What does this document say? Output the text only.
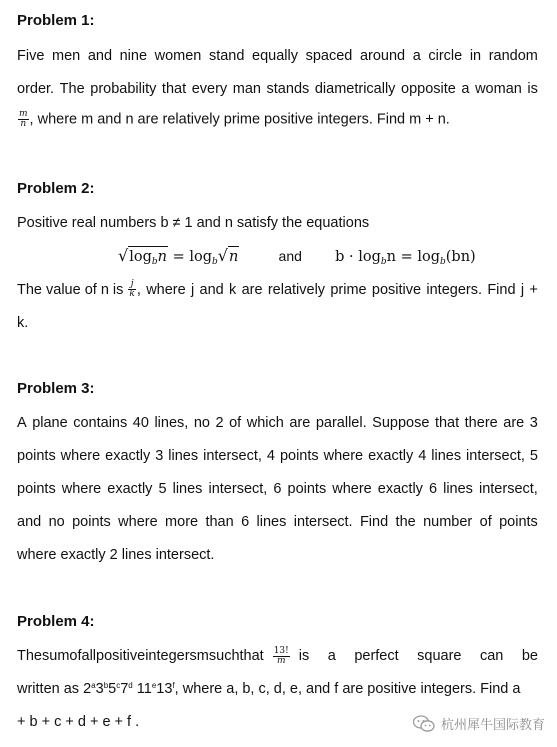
Problem 1:
Five men and nine women stand equally spaced around a circle in random
order. The probability that every man stands diametrically opposite a woman is
$\frac{m}{n}$ , where m and n are relatively prime positive integers. Find m + n.
Problem 2:
Positive real numbers b ≠ 1 and n satisfy the equations
$√\log_bn = \log_b√n$	and $b \cdot \log_bn = \log_b(bn)$
The value of n is $\frac{j}{k}$ , where j and k are relatively prime positive integers. Find j +
k.
Problem 3:
A plane contains 40 lines, no 2 of which are parallel. Suppose that there are 3
points where exactly 3 lines intersect, 4 points where exactly 4 lines intersect, 5
points where exactly 5 lines intersect, 6 points where exactly 6 lines intersect,
and no points where more than 6 lines intersect. Find the number of points
where exactly 2 lines intersect.
Problem 4:
The sum of all positive integers m such that $\frac{13!}{m}$ is a perfect square can be
written as 2$^a$3$^b$5$^c$7$^d$ 11e13$^f$, where a, b, c, d, e, and f are positive integers. Find a
+ b + c + d + e + f .	杭州犀牛国际教育
